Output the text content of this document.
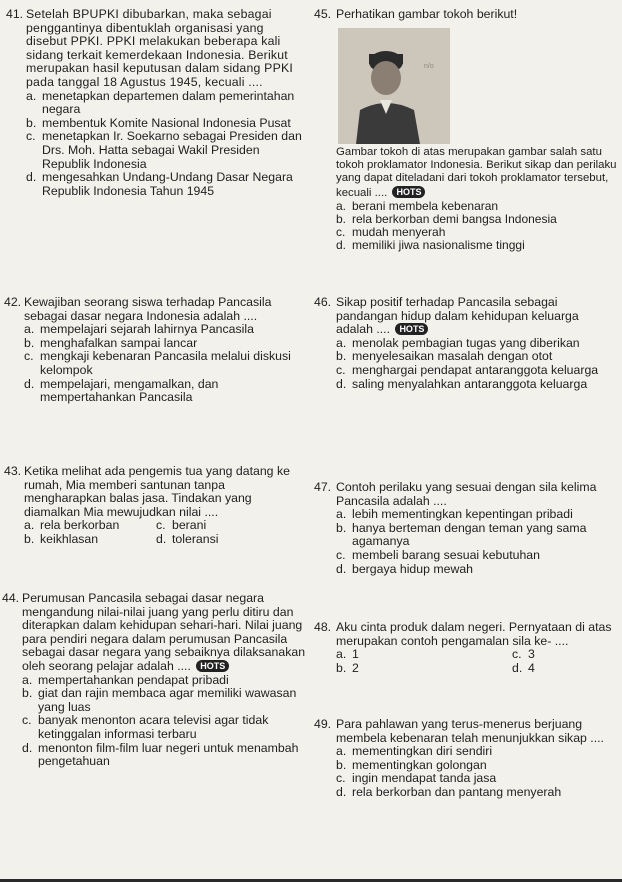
41. Setelah BPUPKI dibubarkan, maka sebagai penggantinya dibentuklah organisasi yang disebut PPKI. PPKI melakukan beberapa kali sidang terkait kemerdekaan Indonesia. Berikut merupakan hasil keputusan dalam sidang PPKI pada tanggal 18 Agustus 1945, kecuali ....
a. menetapkan departemen dalam pemerintahan negara
b. membentuk Komite Nasional Indonesia Pusat
c. menetapkan Ir. Soekarno sebagai Presiden dan Drs. Moh. Hatta sebagai Wakil Presiden Republik Indonesia
d. mengesahkan Undang-Undang Dasar Negara Republik Indonesia Tahun 1945
42. Kewajiban seorang siswa terhadap Pancasila sebagai dasar negara Indonesia adalah ....
a. mempelajari sejarah lahirnya Pancasila
b. menghafalkan sampai lancar
c. mengkaji kebenaran Pancasila melalui diskusi kelompok
d. mempelajari, mengamalkan, dan mempertahankan Pancasila
43. Ketika melihat ada pengemis tua yang datang ke rumah, Mia memberi santunan tanpa mengharapkan balas jasa. Tindakan yang diamalkan Mia mewujudkan nilai ....
a. rela berkorban	c. berani
b. keikhlasan	d. toleransi
44. Perumusan Pancasila sebagai dasar negara mengandung nilai-nilai juang yang perlu ditiru dan diterapkan dalam kehidupan sehari-hari. Nilai juang para pendiri negara dalam perumusan Pancasila sebagai dasar negara yang sebaiknya dilaksanakan oleh seorang pelajar adalah .... HOTS
a. mempertahankan pendapat pribadi
b. giat dan rajin membaca agar memiliki wawasan yang luas
c. banyak menonton acara televisi agar tidak ketinggalan informasi terbaru
d. menonton film-film luar negeri untuk menambah pengetahuan
45. Perhatikan gambar tokoh berikut!
n/o
Gambar tokoh di atas merupakan gambar salah satu tokoh proklamator Indonesia. Berikut sikap dan perilaku yang dapat diteladani dari tokoh proklamator tersebut, kecuali .... HOTS
a. berani membela kebenaran
b. rela berkorban demi bangsa Indonesia
c. mudah menyerah
d. memiliki jiwa nasionalisme tinggi
46. Sikap positif terhadap Pancasila sebagai pandangan hidup dalam kehidupan keluarga adalah .... HOTS
a. menolak pembagian tugas yang diberikan
b. menyelesaikan masalah dengan otot
c. menghargai pendapat antaranggota keluarga
d. saling menyalahkan antaranggota keluarga
47. Contoh perilaku yang sesuai dengan sila kelima Pancasila adalah ....
a. lebih mementingkan kepentingan pribadi
b. hanya berteman dengan teman yang sama agamanya
c. membeli barang sesuai kebutuhan
d. bergaya hidup mewah
48. Aku cinta produk dalam negeri. Pernyataan di atas merupakan contoh pengamalan sila ke- ....
a. 1	c. 3
b. 2	d. 4
49. Para pahlawan yang terus-menerus berjuang membela kebenaran telah menunjukkan sikap ....
a. mementingkan diri sendiri
b. mementingkan golongan
c. ingin mendapat tanda jasa
d. rela berkorban dan pantang menyerah
